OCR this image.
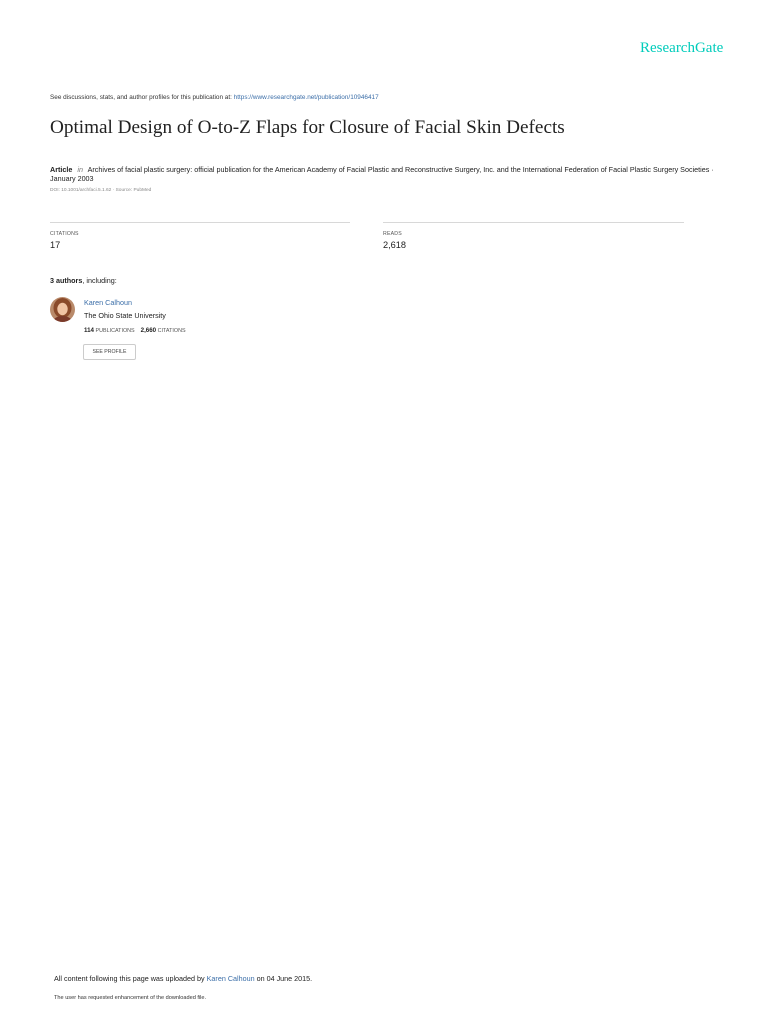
ResearchGate
See discussions, stats, and author profiles for this publication at: https://www.researchgate.net/publication/10946417
Optimal Design of O-to-Z Flaps for Closure of Facial Skin Defects
Article in Archives of facial plastic surgery: official publication for the American Academy of Facial Plastic and Reconstructive Surgery, Inc. and the International Federation of Facial Plastic Surgery Societies · January 2003
DOI: 10.1001/archfaci.5.1.62 · Source: PubMed
CITATIONS
17
READS
2,618
3 authors, including:
Karen Calhoun
The Ohio State University
114 PUBLICATIONS 2,660 CITATIONS
SEE PROFILE
All content following this page was uploaded by Karen Calhoun on 04 June 2015.
The user has requested enhancement of the downloaded file.
